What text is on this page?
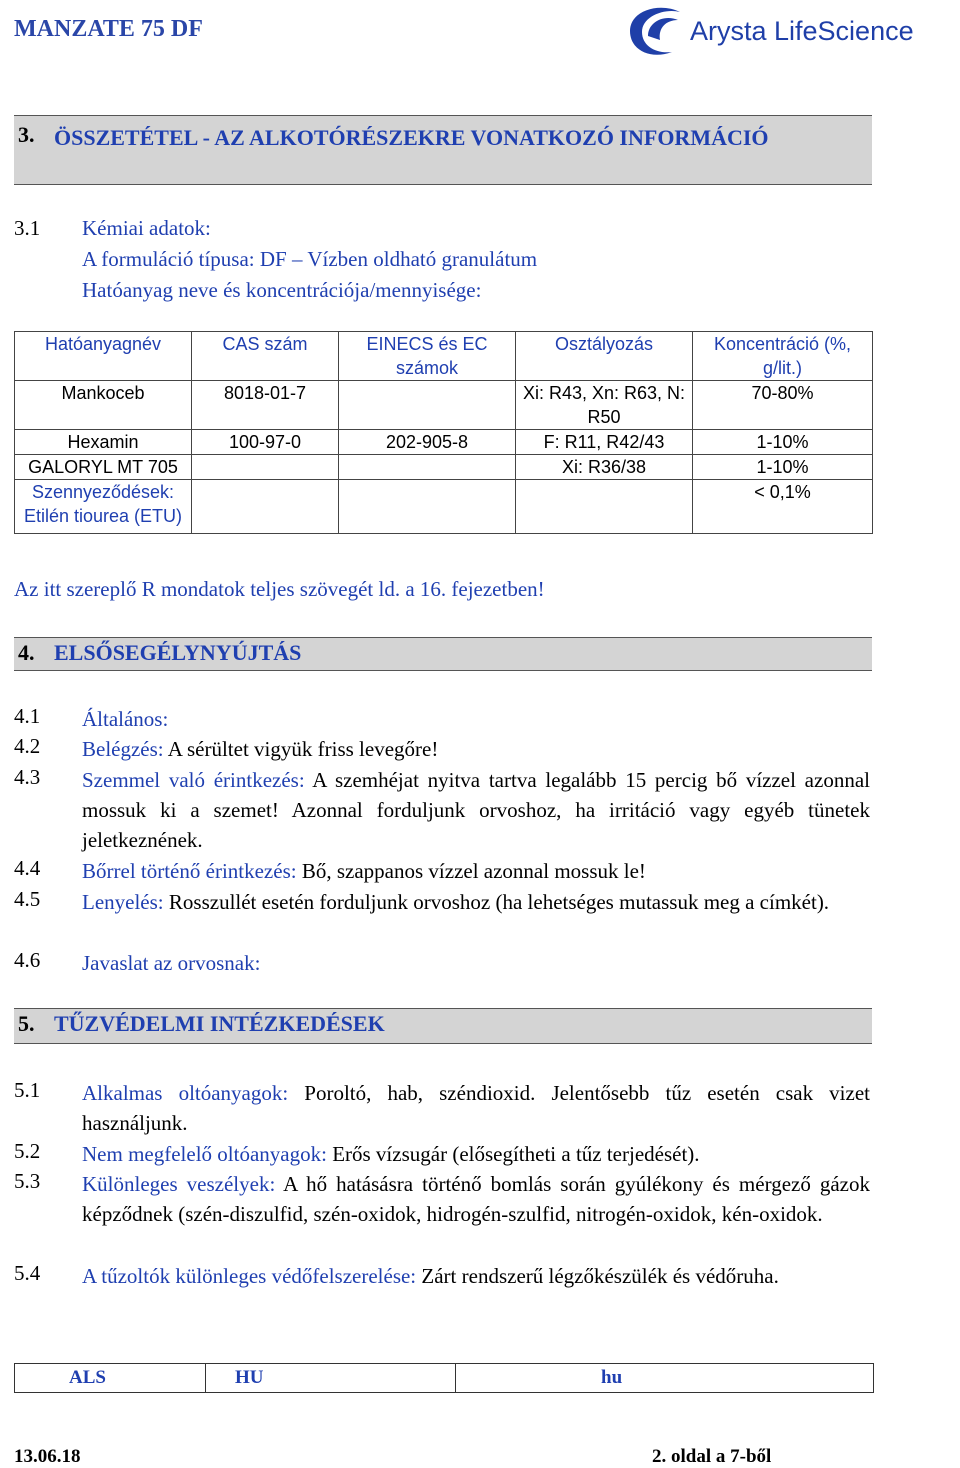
MANZATE 75 DF	Arysta LifeScience
3. ÖSSZETÉTEL - AZ ALKOTÓRÉSZEKRE VONATKOZÓ INFORMÁCIÓ
3.1 Kémiai adatok:
A formuláció típusa: DF – Vízben oldható granulátum
Hatóanyag neve és koncentrációja/mennyisége:
Hatóanyagnév	CAS szám	EINECS és EC számok	Osztályozás	Koncentráció (%, g/lit.)
Mankoceb	8018-01-7		Xi: R43, Xn: R63, N: R50	70-80%
Hexamin	100-97-0	202-905-8	F: R11, R42/43	1-10%
GALORYL MT 705			Xi: R36/38	1-10%
Szennyeződések: Etilén tiourea (ETU)				< 0,1%
Az itt szereplő R mondatok teljes szövegét ld. a 16. fejezetben!
4. ELSŐSEGÉLYNYÚJTÁS
4.1 Általános:
4.2 Belégzés: A sérültet vigyük friss levegőre!
4.3 Szemmel való érintkezés: A szemhéjat nyitva tartva legalább 15 percig bő vízzel azonnal mossuk ki a szemet! Azonnal forduljunk orvoshoz, ha irritáció vagy egyéb tünetek jeletkeznének.
4.4 Bőrrel történő érintkezés: Bő, szappanos vízzel azonnal mossuk le!
4.5 Lenyelés: Rosszullét esetén forduljunk orvoshoz (ha lehetséges mutassuk meg a címkét).
4.6 Javaslat az orvosnak:
5. TŰZVÉDELMI INTÉZKEDÉSEK
5.1 Alkalmas oltóanyagok: Poroltó, hab, széndioxid. Jelentősebb tűz esetén csak vizet használjunk.
5.2 Nem megfelelő oltóanyagok: Erős vízsugár (elősegítheti a tűz terjedését).
5.3 Különleges veszélyek: A hő hatásásra történő bomlás során gyúlékony és mérgező gázok képződnek (szén-diszulfid, szén-oxidok, hidrogén-szulfid, nitrogén-oxidok, kén-oxidok.
5.4 A tűzoltók különleges védőfelszerelése: Zárt rendszerű légzőkészülék és védőruha.
ALS	HU	hu
13.06.18	2. oldal a 7-ből
